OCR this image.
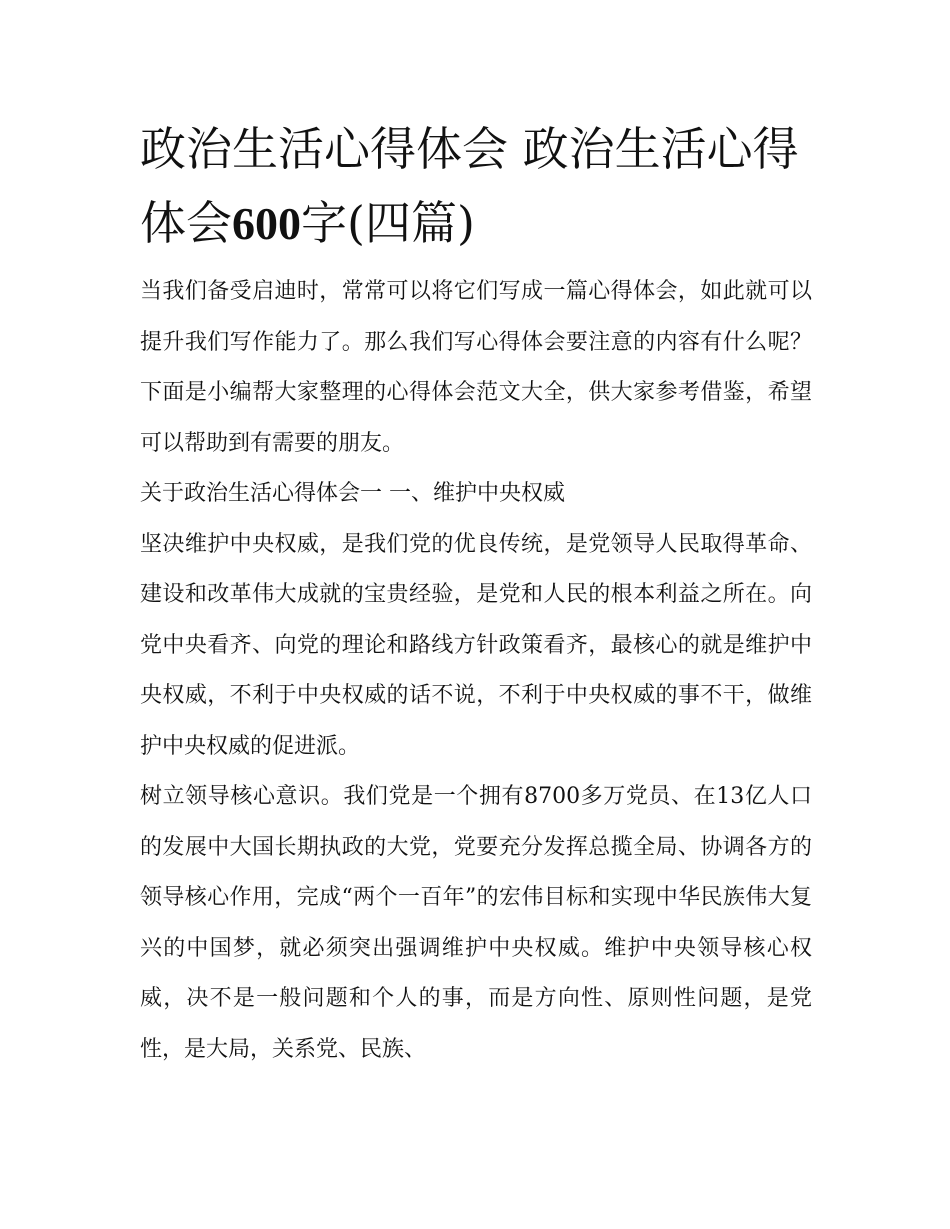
政治生活心得体会 政治生活心得体会600字(四篇)

当我们备受启迪时，常常可以将它们写成一篇心得体会，如此就可以提升我们写作能力了。那么我们写心得体会要注意的内容有什么呢？下面是小编帮大家整理的心得体会范文大全，供大家参考借鉴，希望可以帮助到有需要的朋友。

关于政治生活心得体会一 一、维护中央权威

坚决维护中央权威，是我们党的优良传统，是党领导人民取得革命、建设和改革伟大成就的宝贵经验，是党和人民的根本利益之所在。向党中央看齐、向党的理论和路线方针政策看齐，最核心的就是维护中央权威，不利于中央权威的话不说，不利于中央权威的事不干，做维护中央权威的促进派。

树立领导核心意识。我们党是一个拥有8700多万党员、在13亿人口的发展中大国长期执政的大党，党要充分发挥总揽全局、协调各方的领导核心作用，完成“两个一百年”的宏伟目标和实现中华民族伟大复兴的中国梦，就必须突出强调维护中央权威。维护中央领导核心权威，决不是一般问题和个人的事，而是方向性、原则性问题，是党性，是大局，关系党、民族、
